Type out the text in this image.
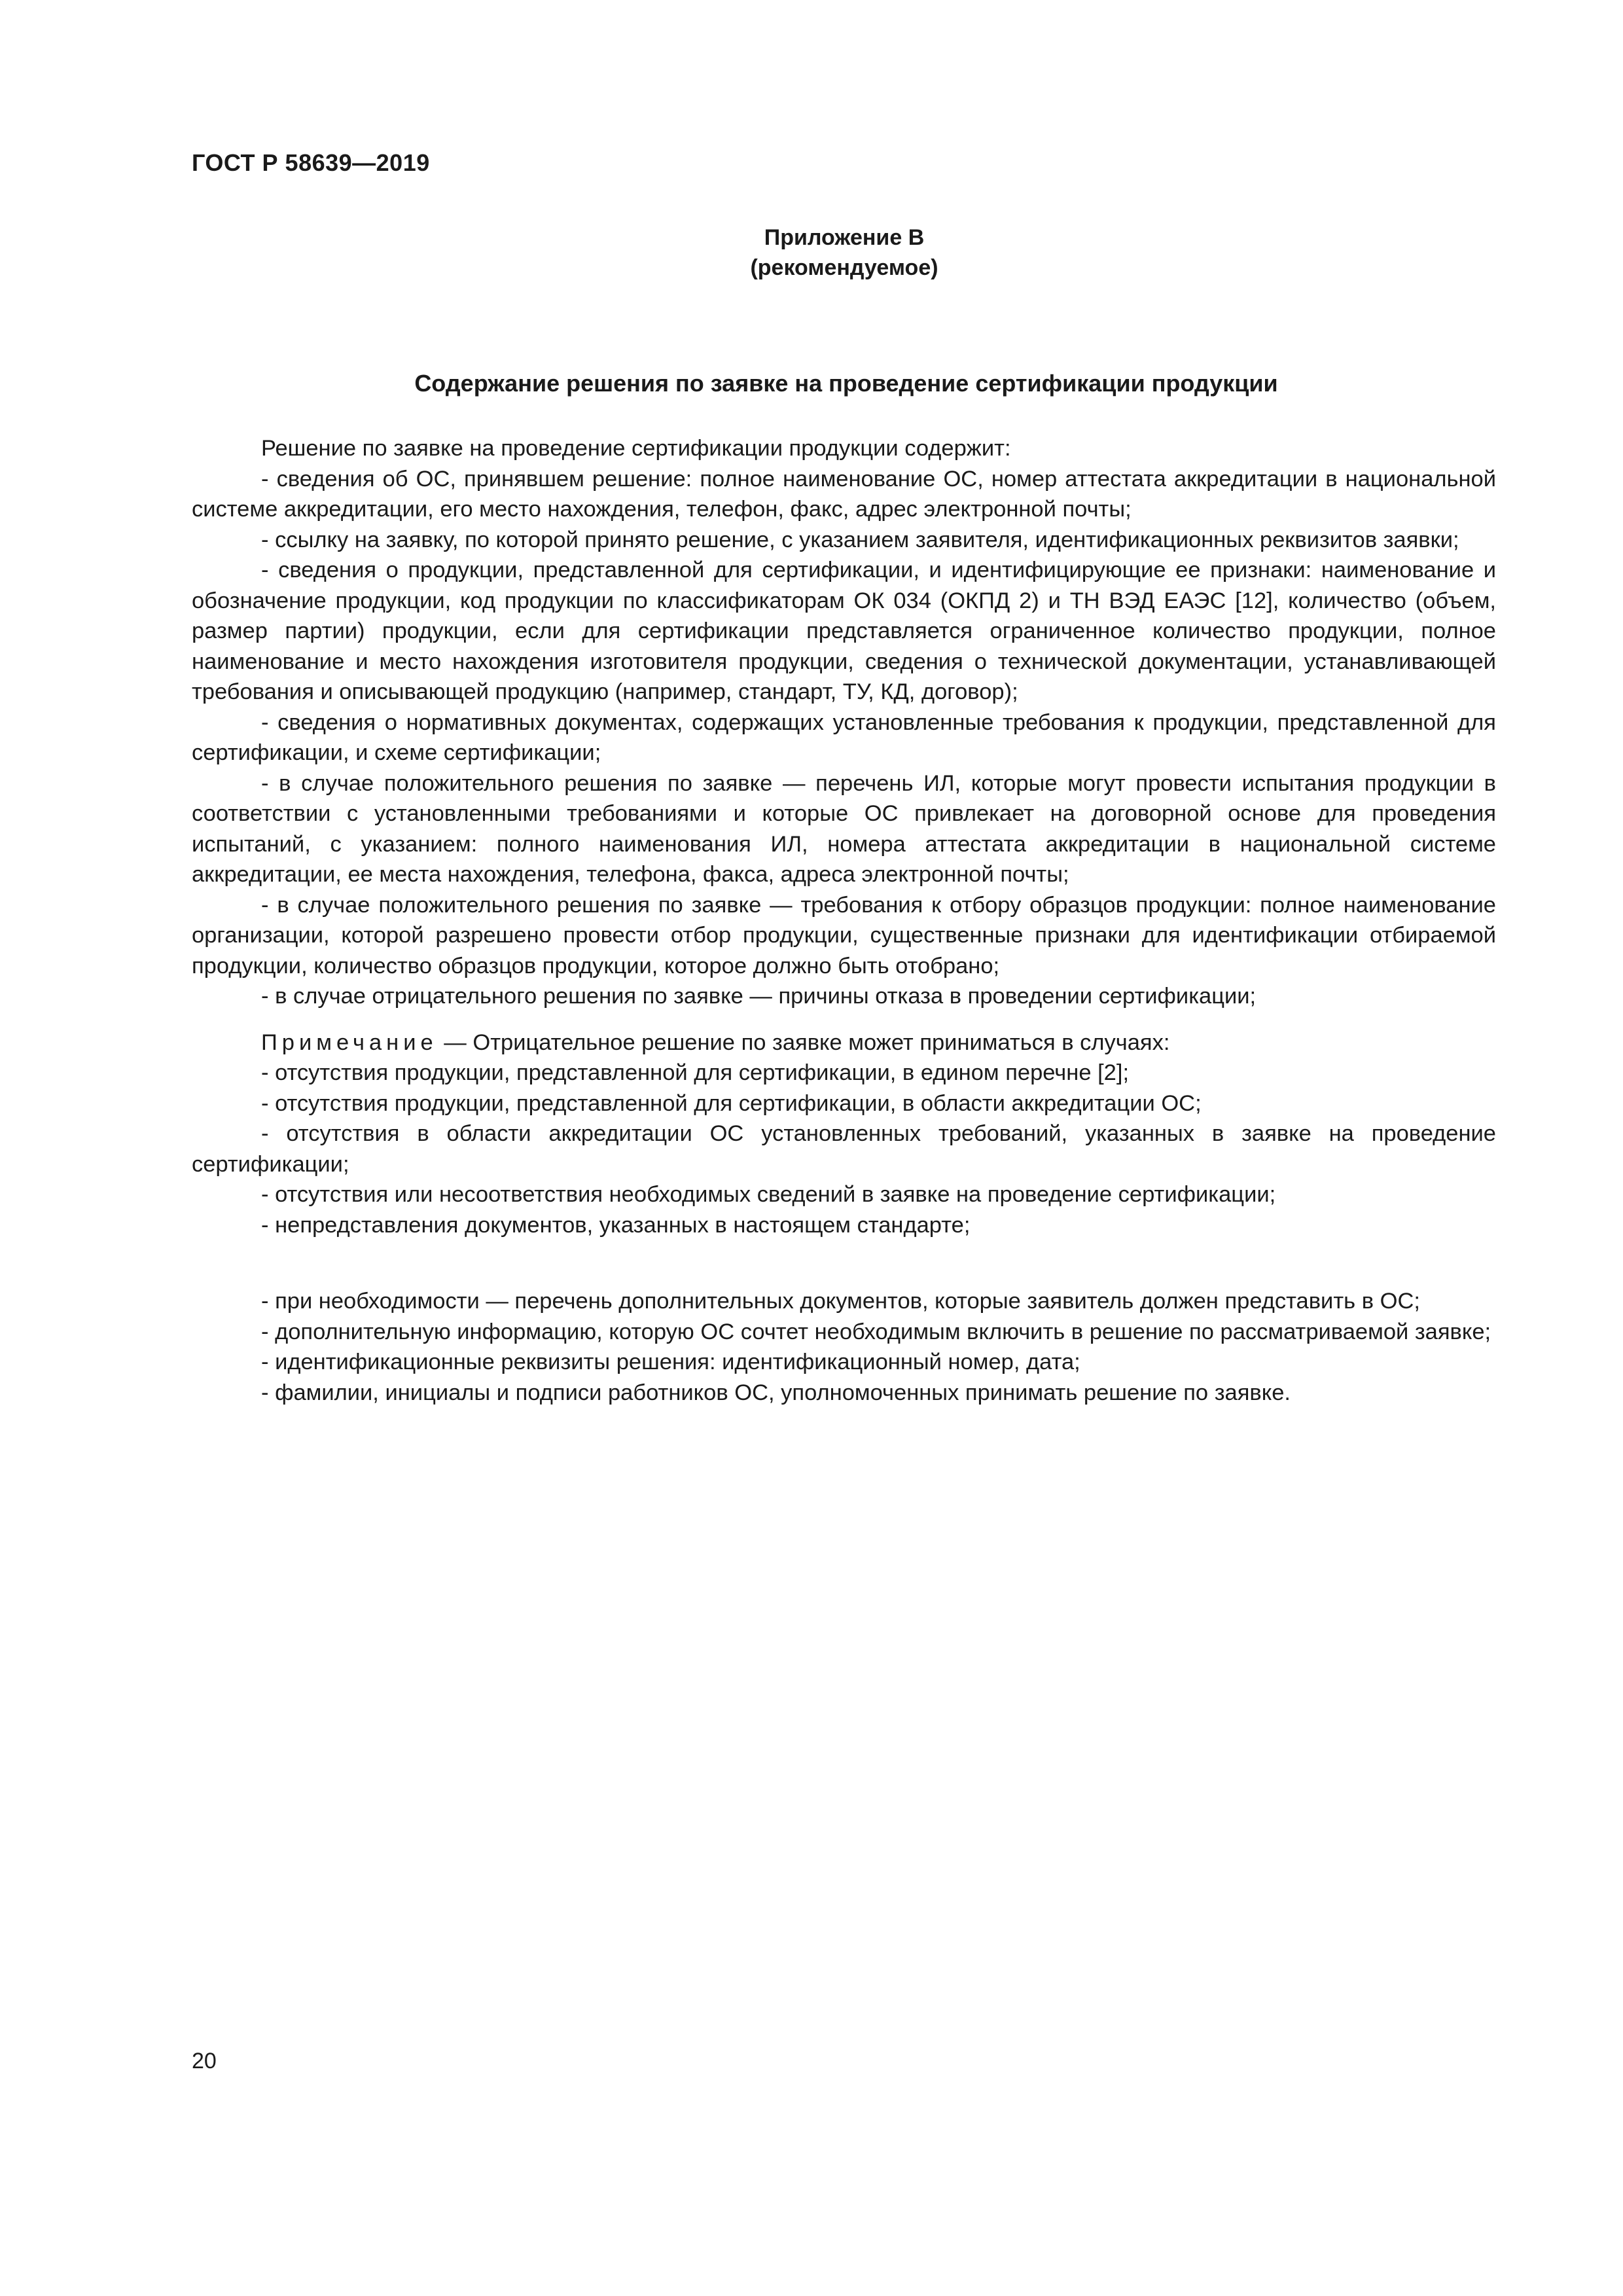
ГОСТ Р 58639—2019
Приложение В
(рекомендуемое)
Содержание решения по заявке на проведение сертификации продукции

Решение по заявке на проведение сертификации продукции содержит:

- сведения об ОС, принявшем решение: полное наименование ОС, номер аттестата аккредитации в национальной системе аккредитации, его место нахождения, телефон, факс, адрес электронной почты;

- ссылку на заявку, по которой принято решение, с указанием заявителя, идентификационных реквизитов заявки;

- сведения о продукции, представленной для сертификации, и идентифицирующие ее признаки: наименование и обозначение продукции, код продукции по классификаторам ОК 034 (ОКПД 2) и ТН ВЭД ЕАЭС [12], количество (объем, размер партии) продукции, если для сертификации представляется ограниченное количество продукции, полное наименование и место нахождения изготовителя продукции, сведения о технической документации, устанавливающей требования и описывающей продукцию (например, стандарт, ТУ, КД, договор);

- сведения о нормативных документах, содержащих установленные требования к продукции, представленной для сертификации, и схеме сертификации;

- в случае положительного решения по заявке — перечень ИЛ, которые могут провести испытания продукции в соответствии с установленными требованиями и которые ОС привлекает на договорной основе для проведения испытаний, с указанием: полного наименования ИЛ, номера аттестата аккредитации в национальной системе аккредитации, ее места нахождения, телефона, факса, адреса электронной почты;

- в случае положительного решения по заявке — требования к отбору образцов продукции: полное наименование организации, которой разрешено провести отбор продукции, существенные признаки для идентификации отбираемой продукции, количество образцов продукции, которое должно быть отобрано;

- в случае отрицательного решения по заявке — причины отказа в проведении сертификации;

Примечание — Отрицательное решение по заявке может приниматься в случаях:

- отсутствия продукции, представленной для сертификации, в едином перечне [2];

- отсутствия продукции, представленной для сертификации, в области аккредитации ОС;

- отсутствия в области аккредитации ОС установленных требований, указанных в заявке на проведение сертификации;

- отсутствия или несоответствия необходимых сведений в заявке на проведение сертификации;

- непредставления документов, указанных в настоящем стандарте;

- при необходимости — перечень дополнительных документов, которые заявитель должен представить в ОС;

- дополнительную информацию, которую ОС сочтет необходимым включить в решение по рассматриваемой заявке;

- идентификационные реквизиты решения: идентификационный номер, дата;

- фамилии, инициалы и подписи работников ОС, уполномоченных принимать решение по заявке.

20
